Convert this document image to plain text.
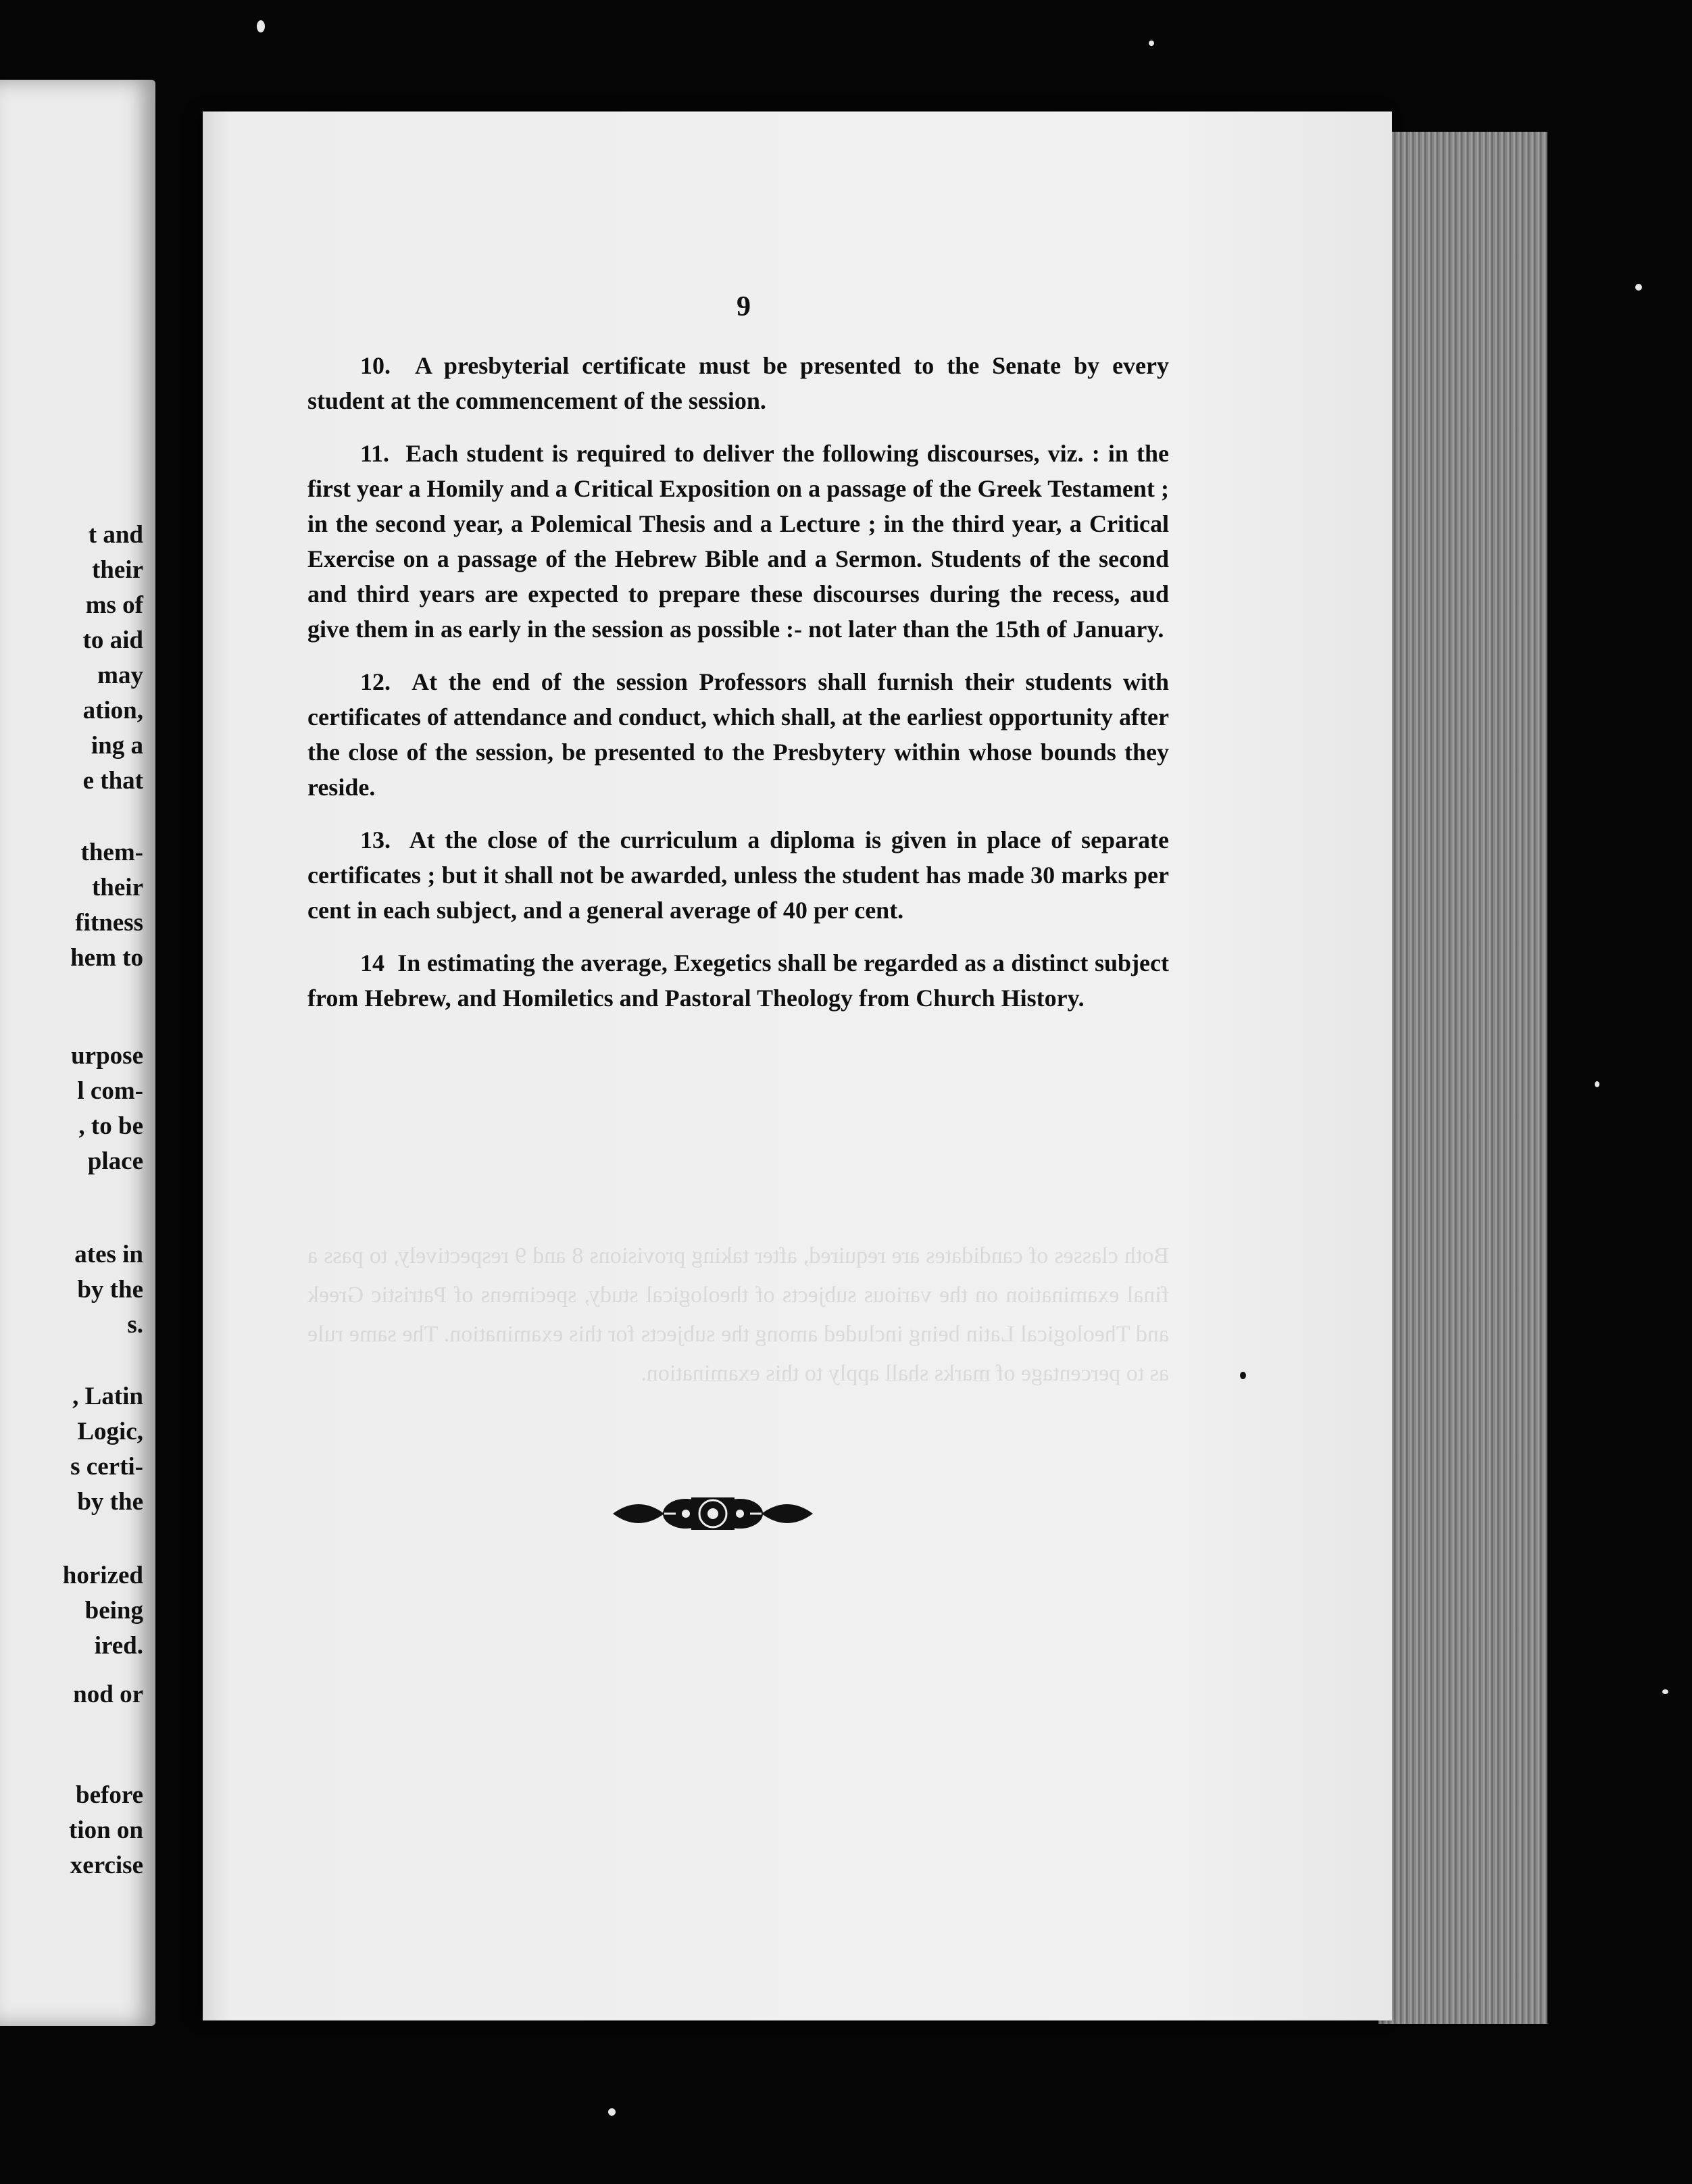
t and
their
ms of
to aid
may
ation,
ing a
e that
them-
their
fitness
hem to
urpose
l com-
, to be
place
ates in
by the
s.
, Latin
Logic,
s certi-
by the
horized
being
ired.
nod or
before
tion on
xercise
Both classes of candidates are required, after taking provisions 8 and 9 respectively, to pass a final examination on the various subjects of theological study, specimens of Patristic Greek and Theological Latin being included among the subjects for this examination. The same rule as to percentage of marks shall apply to this examination.
9

10. A presbyterial certificate must be presented to the Senate by every student at the commencement of the session.

11. Each student is required to deliver the following discourses, viz. : in the first year a Homily and a Critical Exposition on a passage of the Greek Testament ; in the second year, a Polemical Thesis and a Lecture ; in the third year, a Critical Exercise on a passage of the Hebrew Bible and a Sermon. Students of the second and third years are expected to prepare these discourses during the recess, aud give them in as early in the session as possible :- not later than the 15th of January.

12. At the end of the session Professors shall furnish their students with certificates of attendance and conduct, which shall, at the earliest opportunity after the close of the session, be presented to the Presbytery within whose bounds they reside.

13. At the close of the curriculum a diploma is given in place of separate certificates ; but it shall not be awarded, unless the student has made 30 marks per cent in each subject, and a general average of 40 per cent.

14 In estimating the average, Exegetics shall be regarded as a distinct subject from Hebrew, and Homiletics and Pastoral Theology from Church History.
